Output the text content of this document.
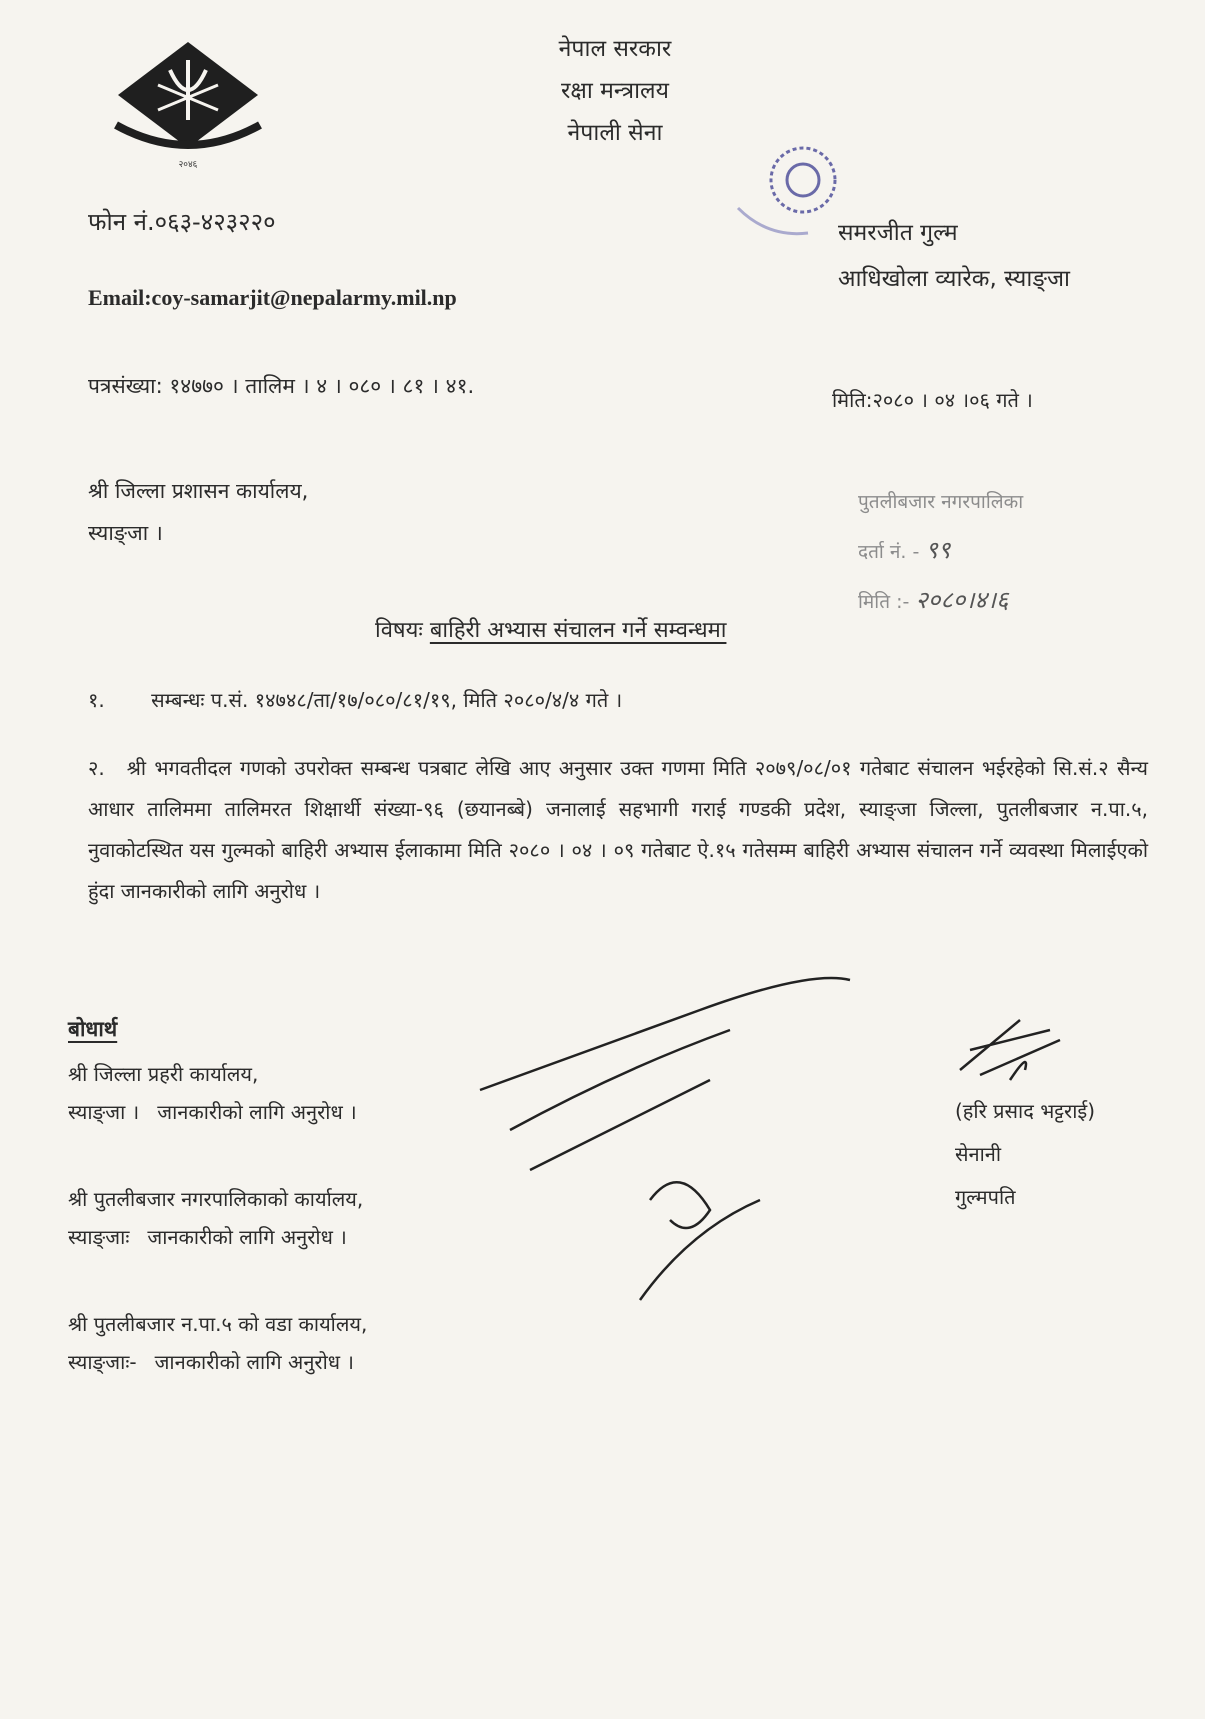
२०४६
नेपाल सरकार
रक्षा मन्त्रालय
नेपाली सेना
फोन नं.०६३-४२३२२०
Email:coy-samarjit@nepalarmy.mil.np
समरजीत गुल्म
आधिखोला व्यारेक, स्याङ्जा
पत्रसंख्या: १४७७० । तालिम । ४ । ०८० । ८१ । ४१.
मिति:२०८० । ०४ ।०६ गते ।
श्री जिल्ला प्रशासन कार्यालय,
स्याङ्जा ।
पुतलीबजार नगरपालिका
दर्ता नं. - ९९
मिति :- २०८०।४।६
विषयः बाहिरी अभ्यास संचालन गर्ने सम्वन्धमा
१. सम्बन्धः प.सं. १४७४८/ता/१७/०८०/८१/१९, मिति २०८०/४/४ गते ।
२. श्री भगवतीदल गणको उपरोक्त सम्बन्ध पत्रबाट लेखि आए अनुसार उक्त गणमा मिति २०७९/०८/०१ गतेबाट संचालन भईरहेको सि.सं.२ सैन्य आधार तालिममा तालिमरत शिक्षार्थी संख्या-९६ (छयानब्बे) जनालाई सहभागी गराई गण्डकी प्रदेश, स्याङ्जा जिल्ला, पुतलीबजार न.पा.५, नुवाकोटस्थित यस गुल्मको बाहिरी अभ्यास ईलाकामा मिति २०८० । ०४ । ०९ गतेबाट ऐ.१५ गतेसम्म बाहिरी अभ्यास संचालन गर्ने व्यवस्था मिलाईएको हुंदा जानकारीको लागि अनुरोध ।
बोधार्थ
श्री जिल्ला प्रहरी कार्यालय,
स्याङ्जा । जानकारीको लागि अनुरोध ।
श्री पुतलीबजार नगरपालिकाको कार्यालय,
स्याङ्जाः जानकारीको लागि अनुरोध ।
श्री पुतलीबजार न.पा.५ को वडा कार्यालय,
स्याङ्जाः- जानकारीको लागि अनुरोध ।
(हरि प्रसाद भट्टराई)
सेनानी
गुल्मपति
